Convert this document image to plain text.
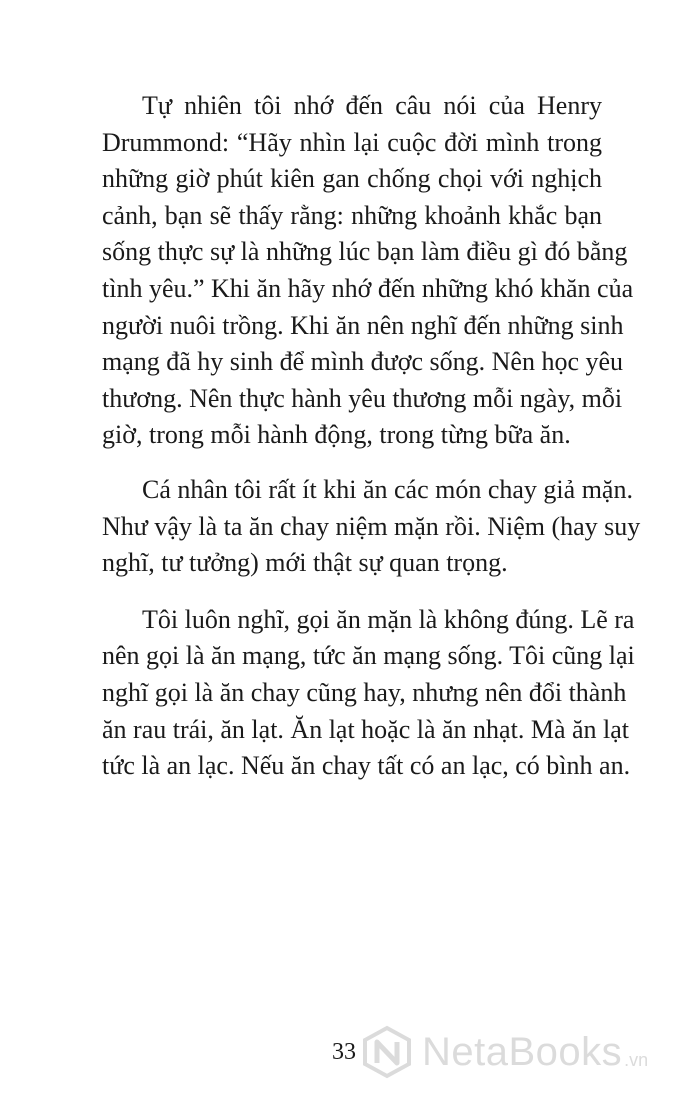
Tự nhiên tôi nhớ đến câu nói của Henry
Drummond: “Hãy nhìn lại cuộc đời mình trong
những giờ phút kiên gan chống chọi với nghịch
cảnh, bạn sẽ thấy rằng: những khoảnh khắc bạn
sống thực sự là những lúc bạn làm điều gì đó bằng
tình yêu.” Khi ăn hãy nhớ đến những khó khăn của
người nuôi trồng. Khi ăn nên nghĩ đến những sinh
mạng đã hy sinh để mình được sống. Nên học yêu
thương. Nên thực hành yêu thương mỗi ngày, mỗi
giờ, trong mỗi hành động, trong từng bữa ăn.

Cá nhân tôi rất ít khi ăn các món chay giả mặn.
Như vậy là ta ăn chay niệm mặn rồi. Niệm (hay suy
nghĩ, tư tưởng) mới thật sự quan trọng.

Tôi luôn nghĩ, gọi ăn mặn là không đúng. Lẽ ra
nên gọi là ăn mạng, tức ăn mạng sống. Tôi cũng lại
nghĩ gọi là ăn chay cũng hay, nhưng nên đổi thành
ăn rau trái, ăn lạt. Ăn lạt hoặc là ăn nhạt. Mà ăn lạt
tức là an lạc. Nếu ăn chay tất có an lạc, có bình an.

33 NetaBooks .vn
